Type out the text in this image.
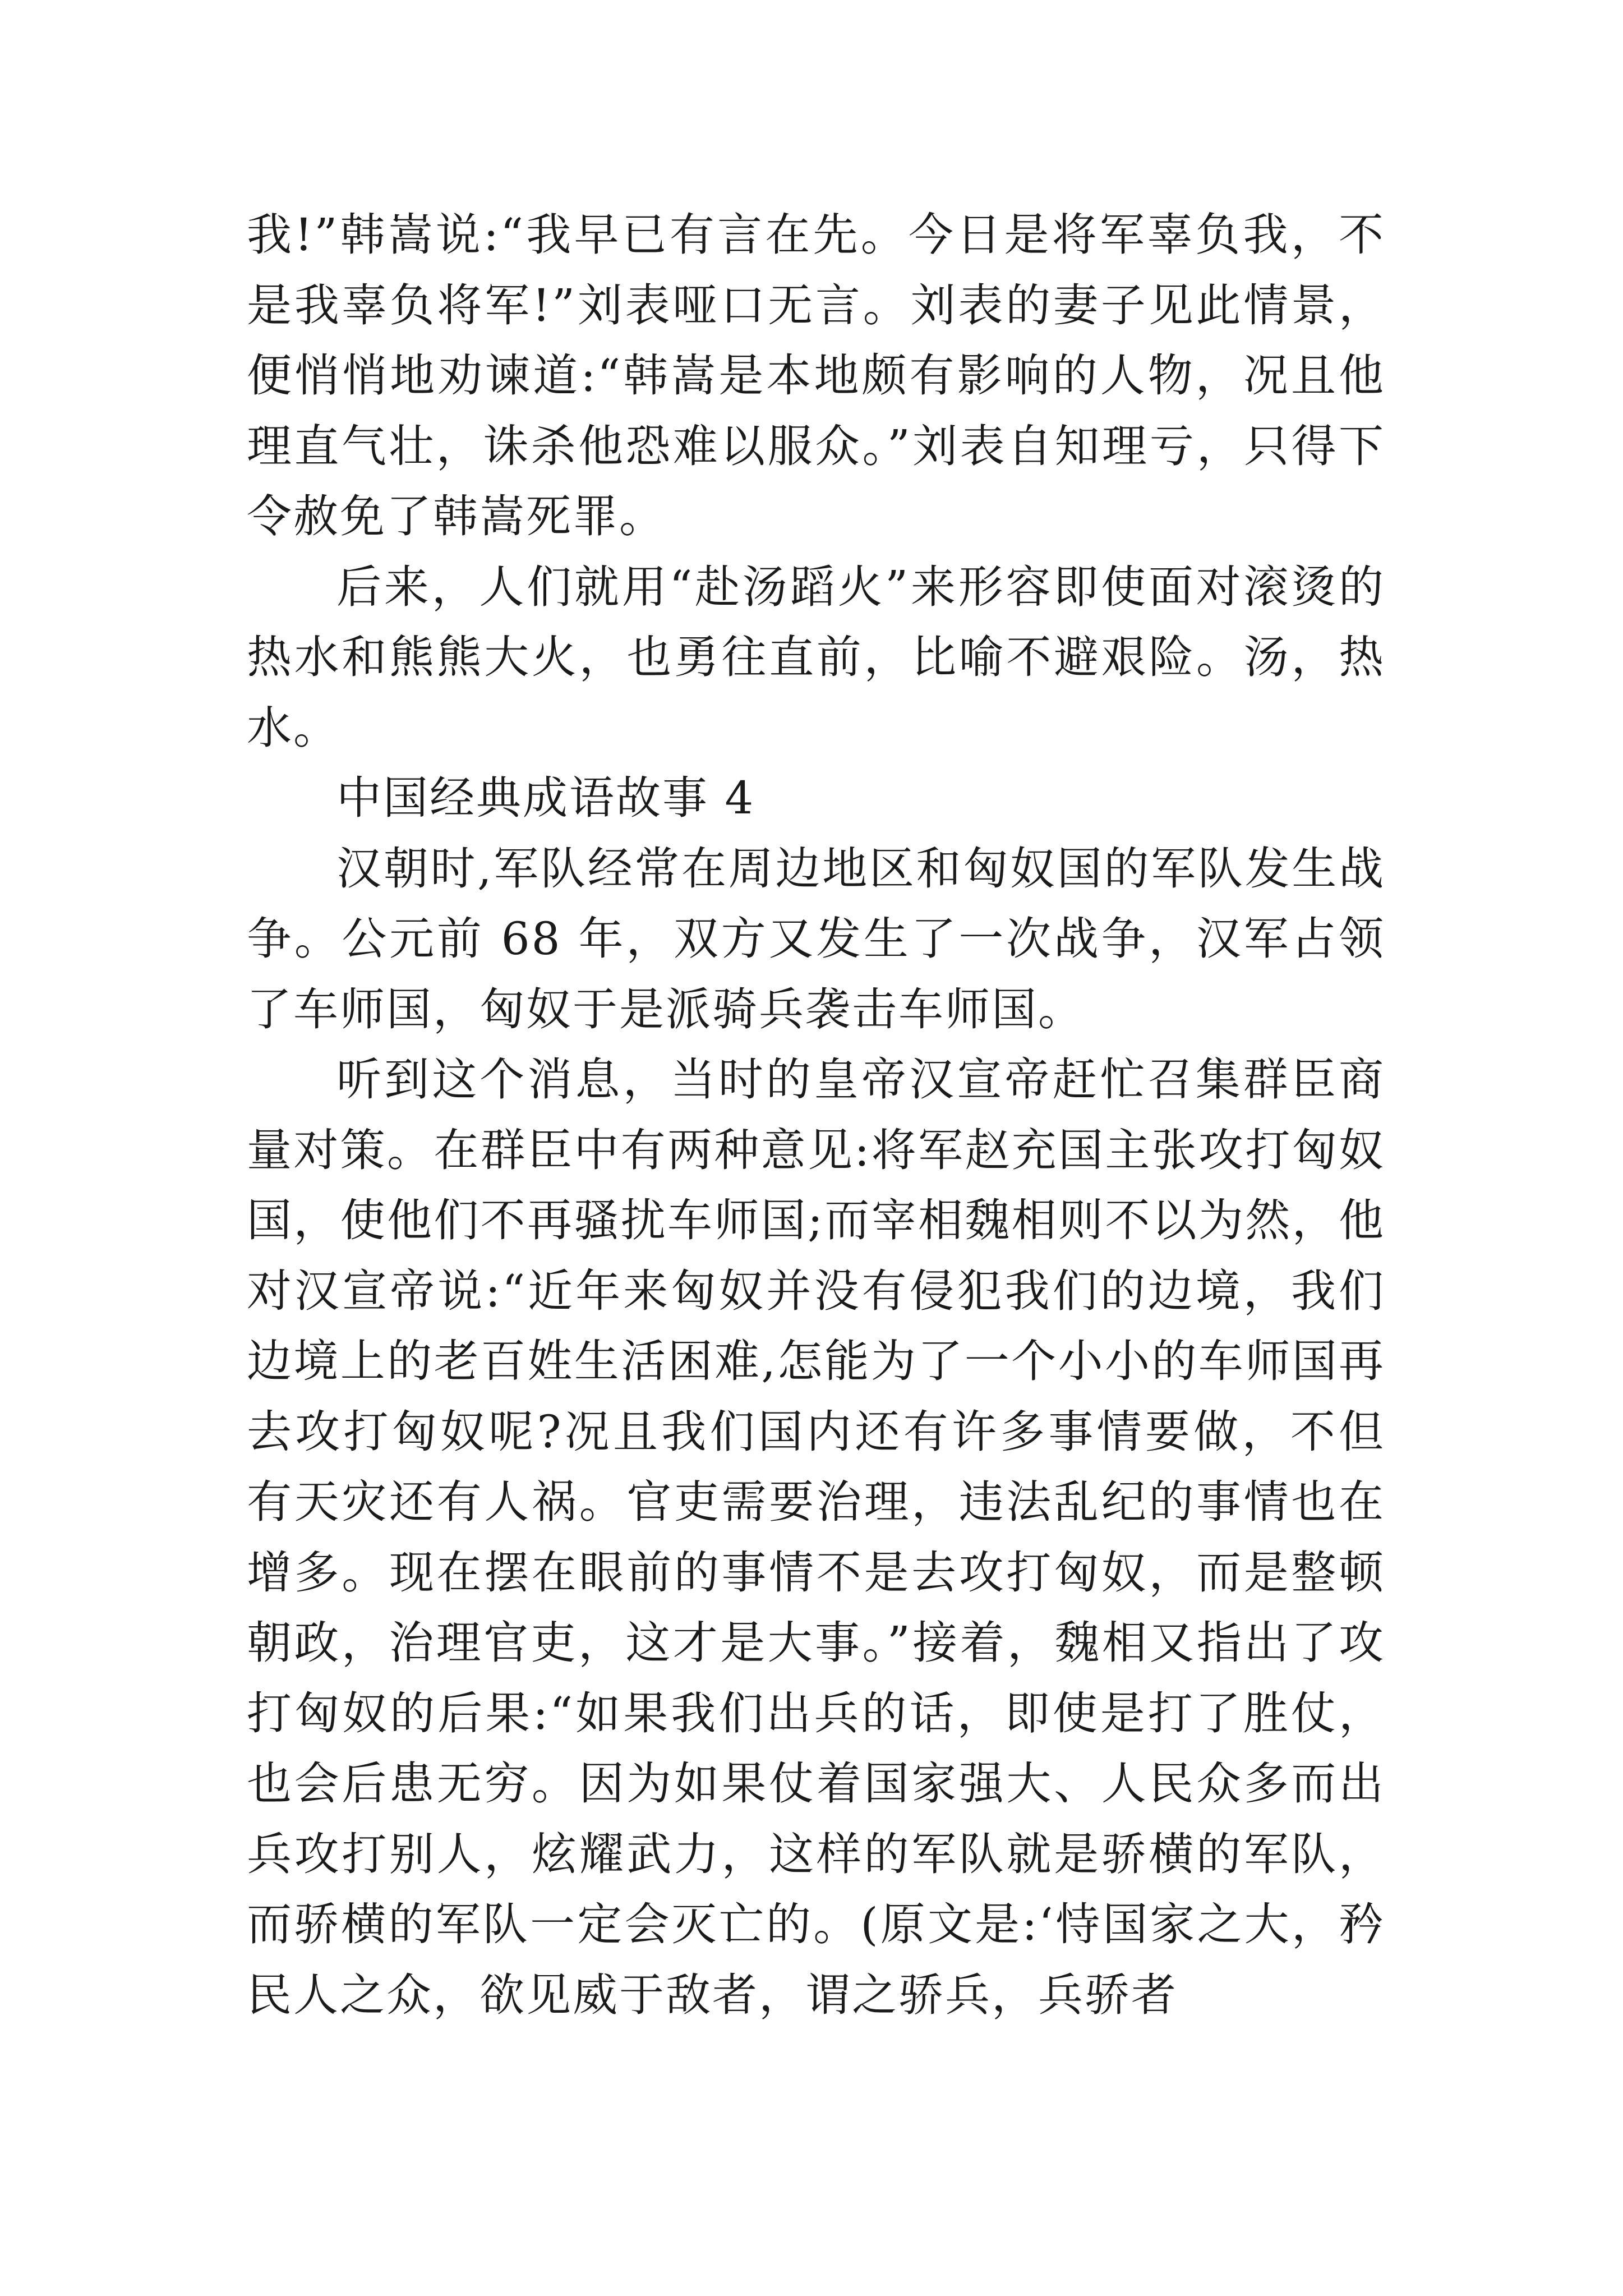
我!”韩嵩说:“我早已有言在先。今日是将军辜负我，不是我辜负将军!”刘表哑口无言。刘表的妻子见此情景，便悄悄地劝谏道:“韩嵩是本地颇有影响的人物，况且他理直气壮，诛杀他恐难以服众。”刘表自知理亏，只得下令赦免了韩嵩死罪。

后来，人们就用“赴汤蹈火”来形容即使面对滚烫的热水和熊熊大火，也勇往直前，比喻不避艰险。汤，热水。

中国经典成语故事 4

汉朝时,军队经常在周边地区和匈奴国的军队发生战争。公元前 68 年，双方又发生了一次战争，汉军占领了车师国，匈奴于是派骑兵袭击车师国。

听到这个消息，当时的皇帝汉宣帝赶忙召集群臣商量对策。在群臣中有两种意见:将军赵充国主张攻打匈奴国，使他们不再骚扰车师国;而宰相魏相则不以为然，他对汉宣帝说:“近年来匈奴并没有侵犯我们的边境，我们边境上的老百姓生活困难,怎能为了一个小小的车师国再去攻打匈奴呢?况且我们国内还有许多事情要做，不但有天灾还有人祸。官吏需要治理，违法乱纪的事情也在增多。现在摆在眼前的事情不是去攻打匈奴，而是整顿朝政，治理官吏，这才是大事。”接着，魏相又指出了攻打匈奴的后果:“如果我们出兵的话，即使是打了胜仗，也会后患无穷。因为如果仗着国家强大、人民众多而出兵攻打别人，炫耀武力，这样的军队就是骄横的军队，而骄横的军队一定会灭亡的。(原文是:‘恃国家之大，矜民人之众，欲见威于敌者，谓之骄兵，兵骄者
